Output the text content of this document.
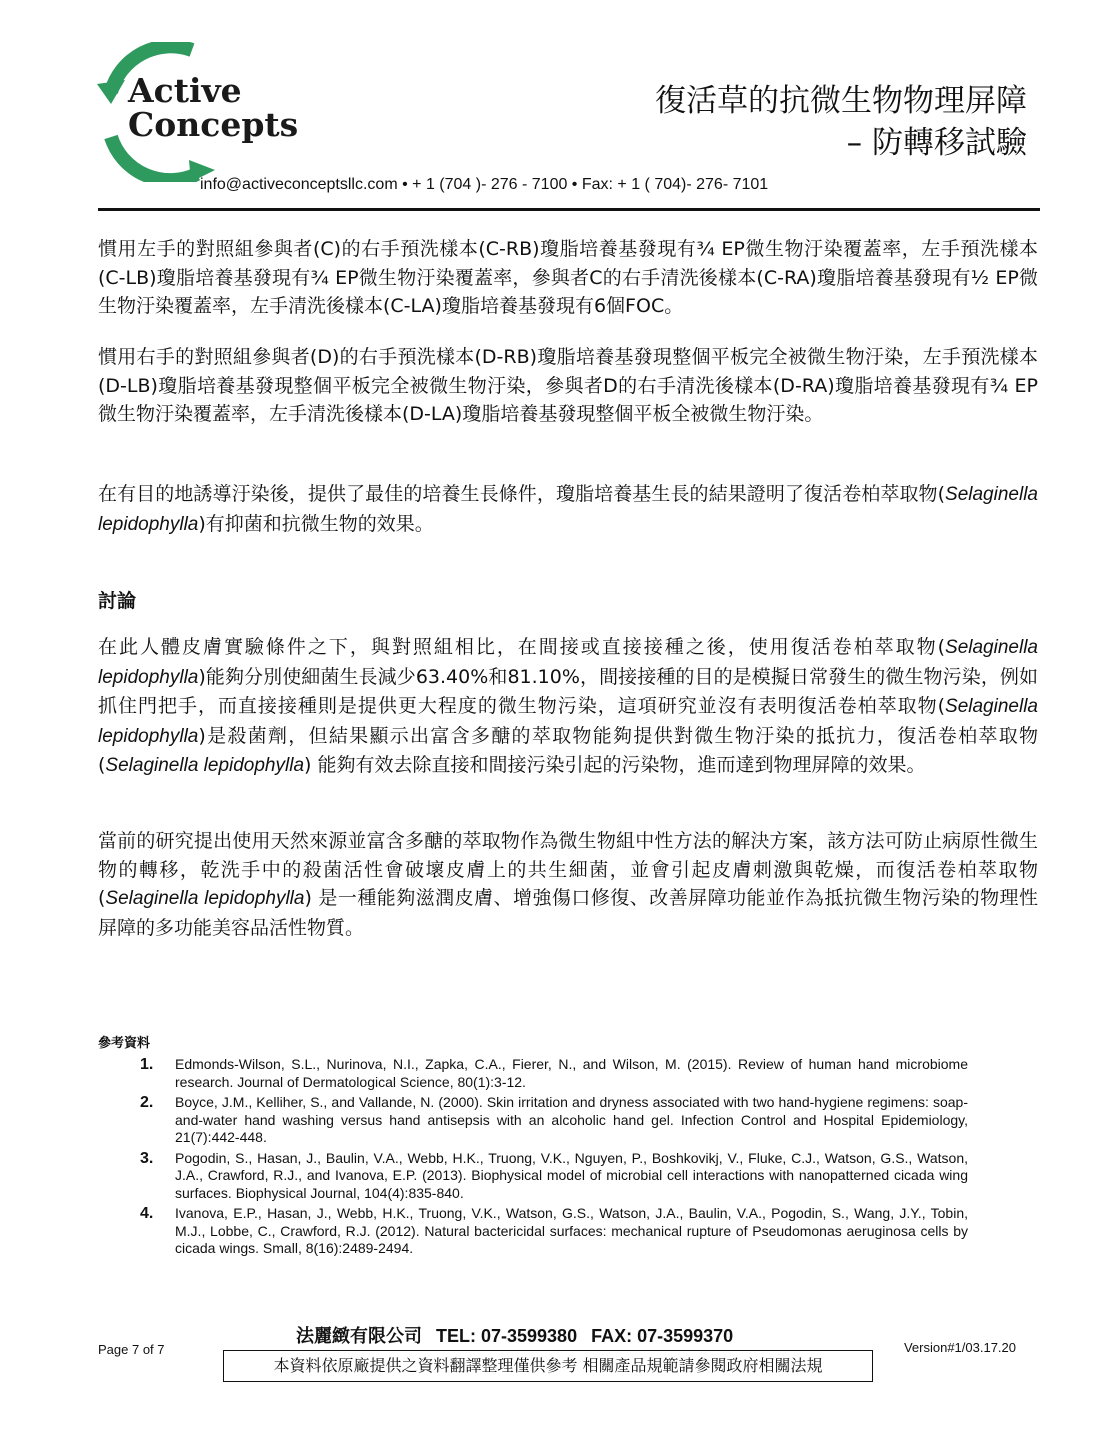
Active
Concepts
復活草的抗微生物物理屏障
– 防轉移試驗
info@activeconceptsllc.com • + 1 (704 )- 276 - 7100 • Fax: + 1 ( 704)- 276- 7101
慣用左手的對照組參與者(C)的右手預洗樣本(C-RB)瓊脂培養基發現有¾ EP微生物汙染覆蓋率，左手預洗樣本(C-LB)瓊脂培養基發現有¾ EP微生物汙染覆蓋率，參與者C的右手清洗後樣本(C-RA)瓊脂培養基發現有½ EP微生物汙染覆蓋率，左手清洗後樣本(C-LA)瓊脂培養基發現有6個FOC。
慣用右手的對照組參與者(D)的右手預洗樣本(D-RB)瓊脂培養基發現整個平板完全被微生物汙染，左手預洗樣本(D-LB)瓊脂培養基發現整個平板完全被微生物汙染，參與者D的右手清洗後樣本(D-RA)瓊脂培養基發現有¾ EP微生物汙染覆蓋率，左手清洗後樣本(D-LA)瓊脂培養基發現整個平板全被微生物汙染。
在有目的地誘導汙染後，提供了最佳的培養生長條件，瓊脂培養基生長的結果證明了復活卷柏萃取物(Selaginella lepidophylla)有抑菌和抗微生物的效果。
討論
在此人體皮膚實驗條件之下，與對照組相比，在間接或直接接種之後，使用復活卷柏萃取物(Selaginella lepidophylla)能夠分別使細菌生長減少63.40%和81.10%，間接接種的目的是模擬日常發生的微生物污染，例如抓住門把手，而直接接種則是提供更大程度的微生物污染，這項研究並沒有表明復活卷柏萃取物(Selaginella lepidophylla)是殺菌劑，但結果顯示出富含多醣的萃取物能夠提供對微生物汙染的抵抗力，復活卷柏萃取物(Selaginella lepidophylla) 能夠有效去除直接和間接污染引起的污染物，進而達到物理屏障的效果。
當前的研究提出使用天然來源並富含多醣的萃取物作為微生物組中性方法的解決方案，該方法可防止病原性微生物的轉移，乾洗手中的殺菌活性會破壞皮膚上的共生細菌，並會引起皮膚刺激與乾燥，而復活卷柏萃取物(Selaginella lepidophylla) 是一種能夠滋潤皮膚、增強傷口修復、改善屏障功能並作為抵抗微生物污染的物理性屏障的多功能美容品活性物質。
參考資料
1.	Edmonds-Wilson, S.L., Nurinova, N.I., Zapka, C.A., Fierer, N., and Wilson, M. (2015). Review of human hand microbiome research. Journal of Dermatological Science, 80(1):3-12.
2.	Boyce, J.M., Kelliher, S., and Vallande, N. (2000). Skin irritation and dryness associated with two hand-hygiene regimens: soap-and-water hand washing versus hand antisepsis with an alcoholic hand gel. Infection Control and Hospital Epidemiology, 21(7):442-448.
3.	Pogodin, S., Hasan, J., Baulin, V.A., Webb, H.K., Truong, V.K., Nguyen, P., Boshkovikj, V., Fluke, C.J., Watson, G.S., Watson, J.A., Crawford, R.J., and Ivanova, E.P. (2013). Biophysical model of microbial cell interactions with nanopatterned cicada wing surfaces. Biophysical Journal, 104(4):835-840.
4.	Ivanova, E.P., Hasan, J., Webb, H.K., Truong, V.K., Watson, G.S., Watson, J.A., Baulin, V.A., Pogodin, S., Wang, J.Y., Tobin, M.J., Lobbe, C., Crawford, R.J. (2012). Natural bactericidal surfaces: mechanical rupture of Pseudomonas aeruginosa cells by cicada wings. Small, 8(16):2489-2494.
法麗緻有限公司 TEL: 07-3599380 FAX: 07-3599370
Page 7 of 7	Version#1/03.17.20
本資料依原廠提供之資料翻譯整理僅供參考 相關產品規範請參閱政府相關法規
